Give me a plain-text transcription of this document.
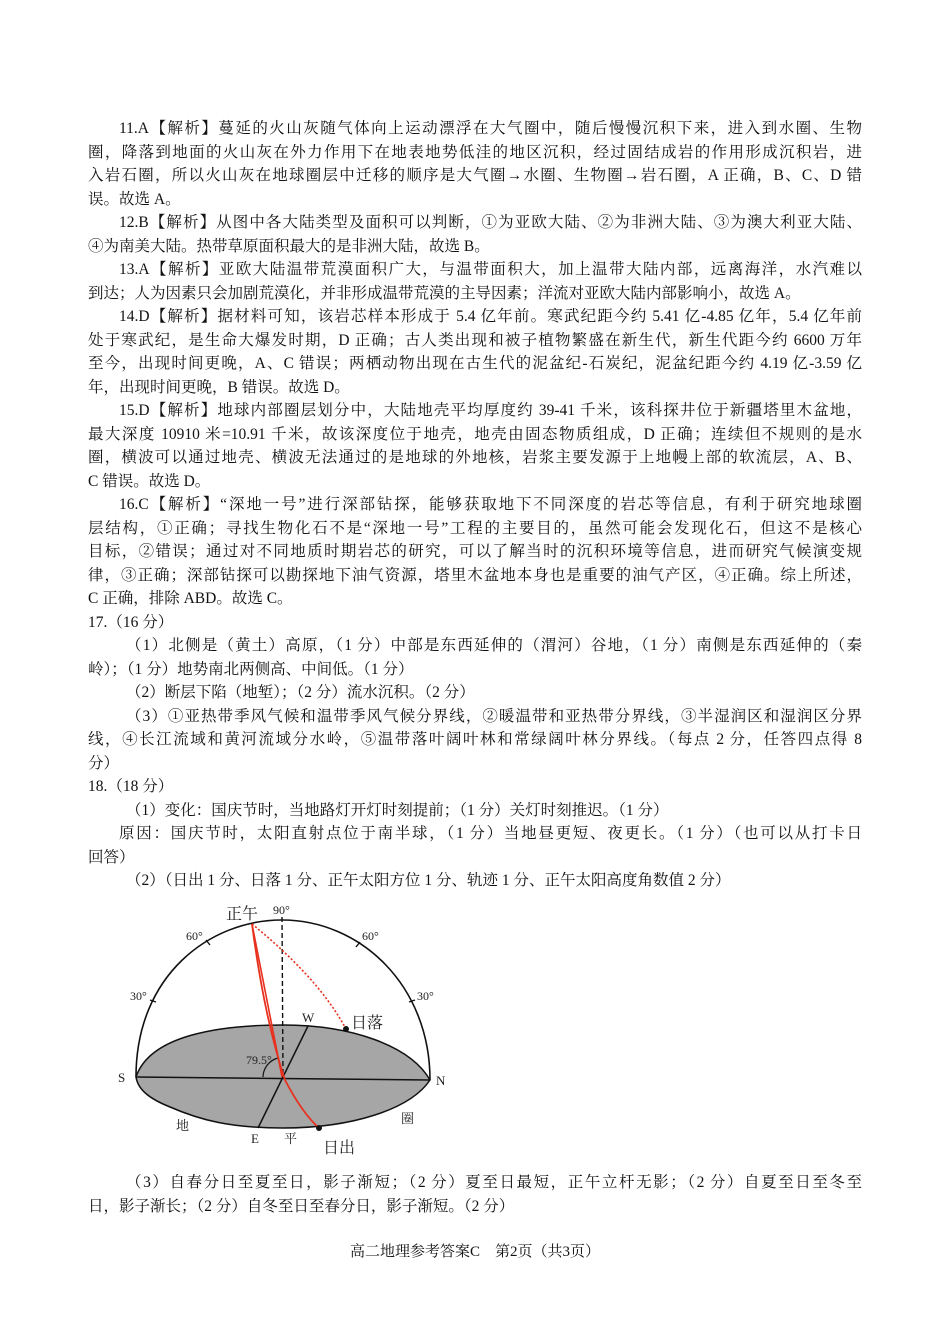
11.A【解析】蔓延的火山灰随气体向上运动漂浮在大气圈中，随后慢慢沉积下来，进入到水圈、生物
圈，降落到地面的火山灰在外力作用下在地表地势低洼的地区沉积，经过固结成岩的作用形成沉积岩，进
入岩石圈，所以火山灰在地球圈层中迁移的顺序是大气圈→水圈、生物圈→岩石圈，A 正确，B、C、D 错
误。故选 A。
12.B【解析】从图中各大陆类型及面积可以判断，①为亚欧大陆、②为非洲大陆、③为澳大利亚大陆、
④为南美大陆。热带草原面积最大的是非洲大陆，故选 B。
13.A【解析】亚欧大陆温带荒漠面积广大，与温带面积大，加上温带大陆内部，远离海洋，水汽难以
到达；人为因素只会加剧荒漠化，并非形成温带荒漠的主导因素；洋流对亚欧大陆内部影响小，故选 A。
14.D【解析】据材料可知，该岩芯样本形成于 5.4 亿年前。寒武纪距今约 5.41 亿-4.85 亿年，5.4 亿年前
处于寒武纪，是生命大爆发时期，D 正确；古人类出现和被子植物繁盛在新生代，新生代距今约 6600 万年
至今，出现时间更晚，A、C 错误；两栖动物出现在古生代的泥盆纪-石炭纪，泥盆纪距今约 4.19 亿-3.59 亿
年，出现时间更晚，B 错误。故选 D。
15.D【解析】地球内部圈层划分中，大陆地壳平均厚度约 39-41 千米，该科探井位于新疆塔里木盆地，
最大深度 10910 米=10.91 千米，故该深度位于地壳，地壳由固态物质组成，D 正确；连续但不规则的是水
圈，横波可以通过地壳、横波无法通过的是地球的外地核，岩浆主要发源于上地幔上部的软流层，A、B、
C 错误。故选 D。
16.C【解析】“深地一号”进行深部钻探，能够获取地下不同深度的岩芯等信息，有利于研究地球圈
层结构，①正确；寻找生物化石不是“深地一号”工程的主要目的，虽然可能会发现化石，但这不是核心
目标，②错误；通过对不同地质时期岩芯的研究，可以了解当时的沉积环境等信息，进而研究气候演变规
律，③正确；深部钻探可以勘探地下油气资源，塔里木盆地本身也是重要的油气产区，④正确。综上所述，
C 正确，排除 ABD。故选 C。
17.（16 分）
（1）北侧是（黄土）高原，（1 分）中部是东西延伸的（渭河）谷地，（1 分）南侧是东西延伸的（秦
岭）；（1 分）地势南北两侧高、中间低。（1 分）
（2）断层下陷（地堑）；（2 分）流水沉积。（2 分）
（3）①亚热带季风气候和温带季风气候分界线，②暖温带和亚热带分界线，③半湿润区和湿润区分界
线，④长江流域和黄河流域分水岭，⑤温带落叶阔叶林和常绿阔叶林分界线。（每点 2 分，任答四点得 8
分）
18.（18 分）
（1）变化：国庆节时，当地路灯开灯时刻提前；（1 分）关灯时刻推迟。（1 分）
原因：国庆节时，太阳直射点位于南半球，（1 分）当地昼更短、夜更长。（1 分）（也可以从打卡日
回答）
（2）（日出 1 分、日落 1 分、正午太阳方位 1 分、轨迹 1 分、正午太阳高度角数值 2 分）
正午 90°
60°	60°
30°	30°
S	N
W
E
79.5°
日落
日出
地
平
圈
（3）自春分日至夏至日，影子渐短；（2 分）夏至日最短，正午立杆无影；（2 分）自夏至日至冬至
日，影子渐长；（2 分）自冬至日至春分日，影子渐短。（2 分）
高二地理参考答案C　第2页（共3页）
